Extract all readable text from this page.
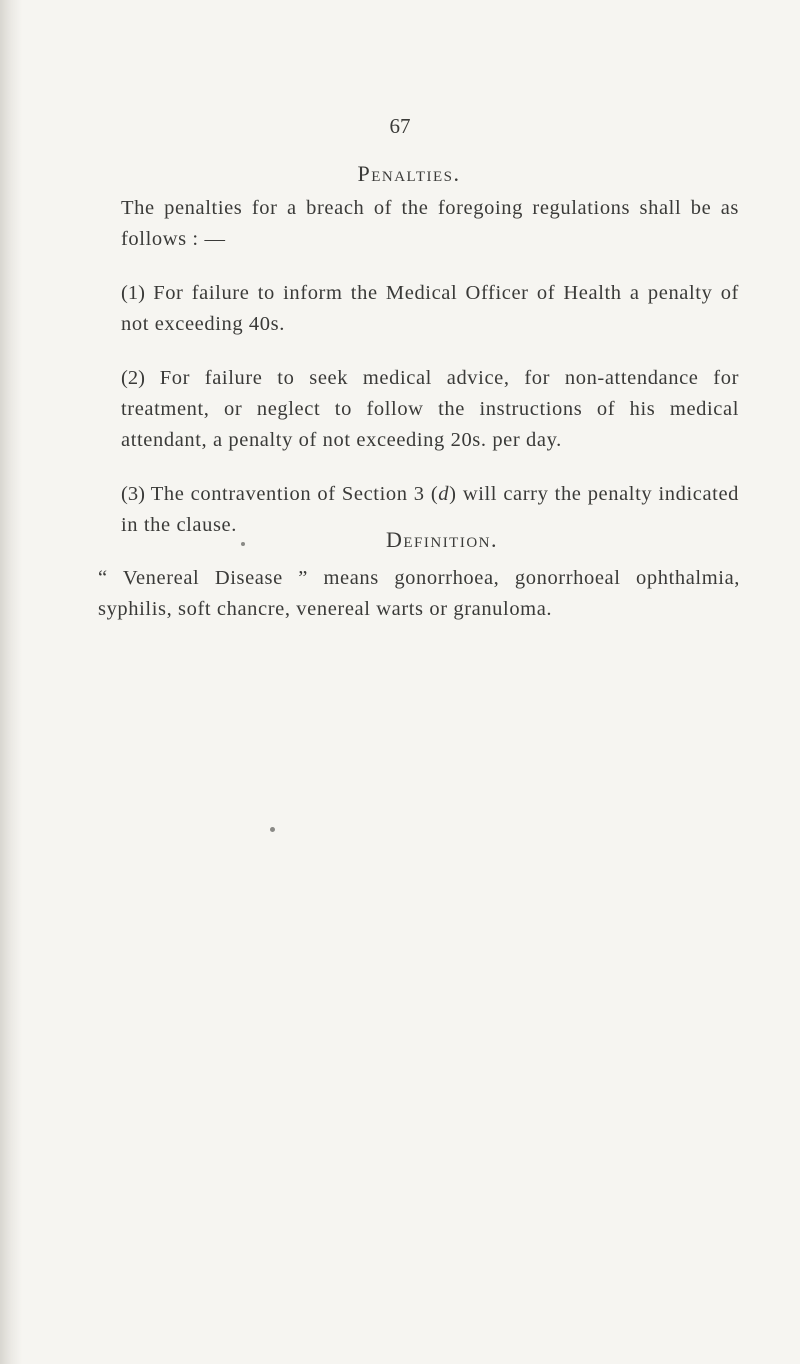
67
Penalties.

The penalties for a breach of the foregoing regulations shall be as follows : —

(1) For failure to inform the Medical Officer of Health a penalty of not exceeding 40s.

(2) For failure to seek medical advice, for non-attendance for treatment, or neglect to follow the instructions of his medical attendant, a penalty of not exceeding 20s. per day.

(3) The contravention of Section 3 (d) will carry the penalty indicated in the clause.

Definition.

“ Venereal Disease ” means gonorrhoea, gonorrhoeal ophthalmia, syphilis, soft chancre, venereal warts or granuloma.
